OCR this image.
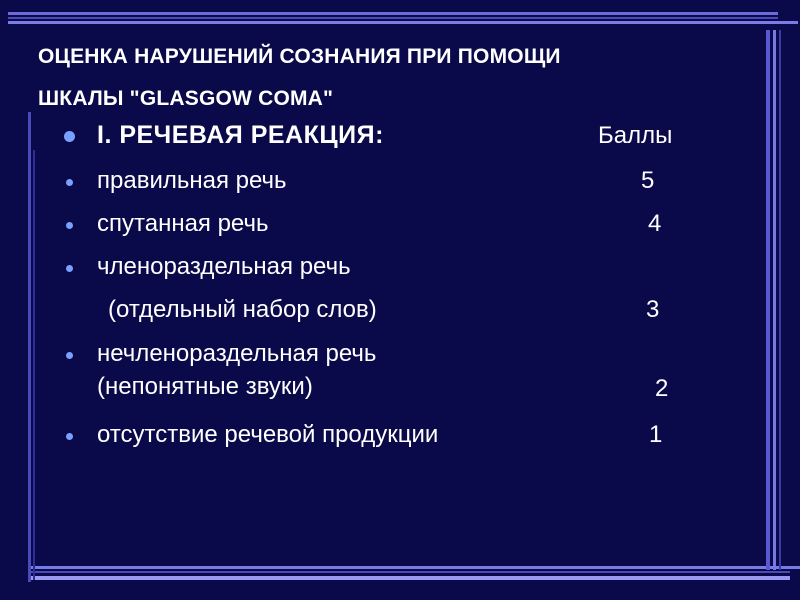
ОЦЕНКА НАРУШЕНИЙ СОЗНАНИЯ ПРИ ПОМОЩИ
ШКАЛЫ "GLASGOW COMA"
I. РЕЧЕВАЯ РЕАКЦИЯ:	Баллы
правильная речь	5
спутанная речь	4
членораздельная речь
(отдельный набор слов)	3
нечленораздельная речь
(непонятные звуки)	2
отсутствие речевой продукции	1
